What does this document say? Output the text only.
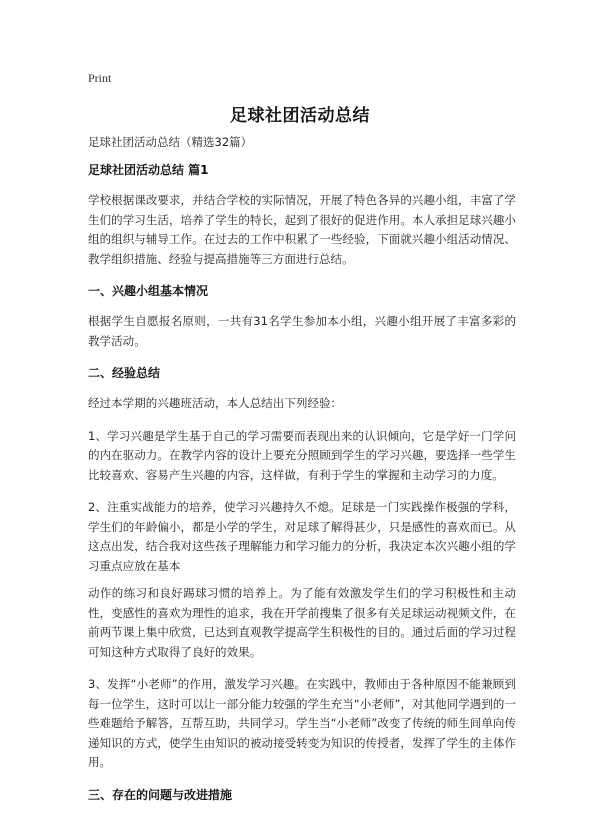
Print
足球社团活动总结

足球社团活动总结（精选32篇）

足球社团活动总结 篇1

学校根据课改要求，并结合学校的实际情况，开展了特色各异的兴趣小组，丰富了学生们的学习生活，培养了学生的特长，起到了很好的促进作用。本人承担足球兴趣小组的组织与辅导工作。在过去的工作中积累了一些经验，下面就兴趣小组活动情况、教学组织措施、经验与提高措施等三方面进行总结。

一、兴趣小组基本情况

根据学生自愿报名原则，一共有31名学生参加本小组，兴趣小组开展了丰富多彩的教学活动。

二、经验总结

经过本学期的兴趣班活动，本人总结出下列经验：

1、学习兴趣是学生基于自己的学习需要而表现出来的认识倾向，它是学好一门学问的内在驱动力。在教学内容的设计上要充分照顾到学生的学习兴趣，要选择一些学生比较喜欢、容易产生兴趣的内容，这样做，有利于学生的掌握和主动学习的力度。

2、注重实战能力的培养，使学习兴趣持久不熄。足球是一门实践操作极强的学科，学生们的年龄偏小，都是小学的学生，对足球了解得甚少，只是感性的喜欢而已。从这点出发，结合我对这些孩子理解能力和学习能力的分析，我决定本次兴趣小组的学习重点应放在基本

动作的练习和良好踢球习惯的培养上。为了能有效激发学生们的学习积极性和主动性，变感性的喜欢为理性的追求，我在开学前搜集了很多有关足球运动视频文件，在前两节课上集中欣赏，已达到直观教学提高学生积极性的目的。通过后面的学习过程可知这种方式取得了良好的效果。

3、发挥“小老师”的作用，激发学习兴趣。在实践中，教师由于各种原因不能兼顾到每一位学生，这时可以让一部分能力较强的学生充当“小老师”，对其他同学遇到的一些难题给予解答，互帮互助，共同学习。学生当“小老师”改变了传统的师生间单向传递知识的方式，使学生由知识的被动接受转变为知识的传授者，发挥了学生的主体作用。

三、存在的问题与改进措施
